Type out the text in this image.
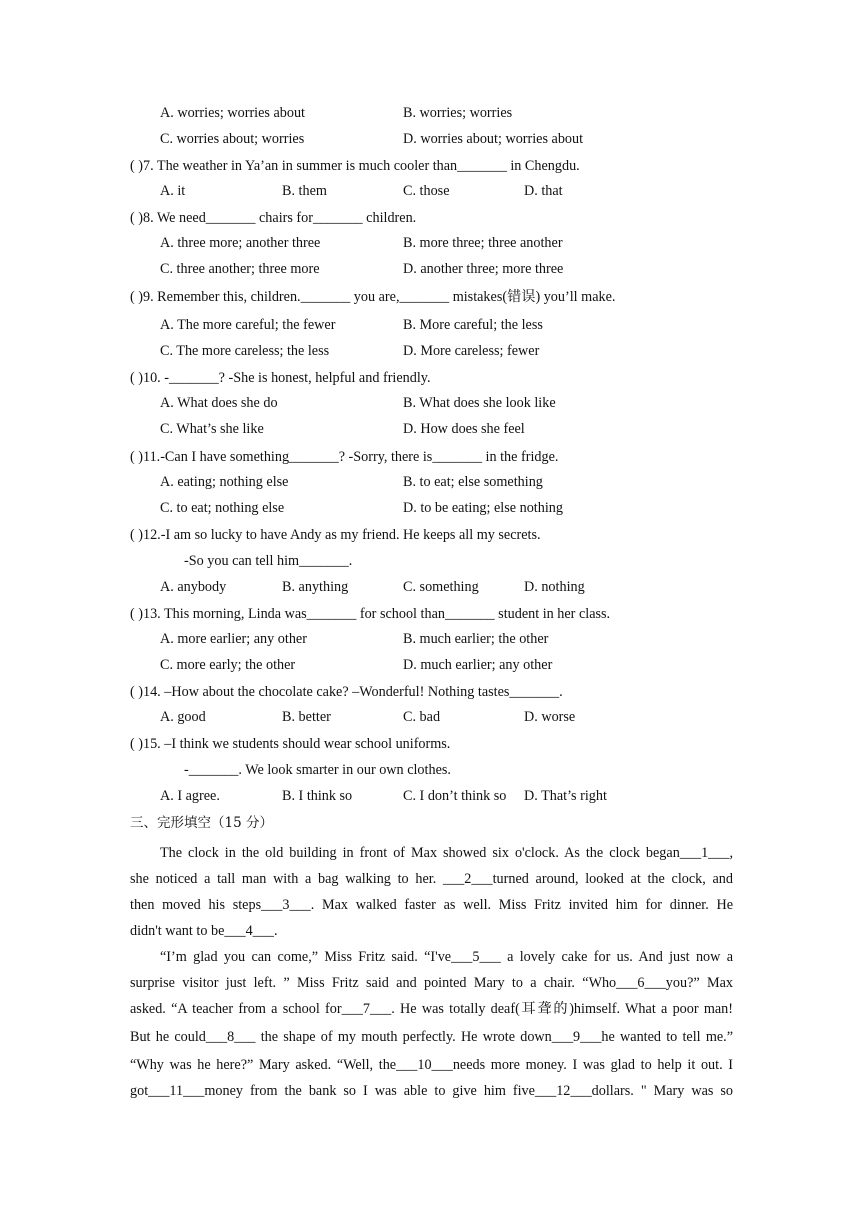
A. worries; worries about	B. worries; worries
C. worries about; worries	D. worries about; worries about
( )7. The weather in Ya’an in summer is much cooler than_______ in Chengdu.
A. it	B. them	C. those	D. that
( )8. We need_______ chairs for_______ children.
A. three more; another three	B. more three; three another
C. three another; three more	D. another three; more three
( )9. Remember this, children._______ you are,_______ mistakes(错误) you’ll make.
A. The more careful; the fewer	B. More careful; the less
C. The more careless; the less	D. More careless; fewer
( )10. -_______? -She is honest, helpful and friendly.
A. What does she do	B. What does she look like
C. What’s she like	D. How does she feel
( )11.-Can I have something_______? -Sorry, there is_______ in the fridge.
A. eating; nothing else	B. to eat; else something
C. to eat; nothing else	D. to be eating; else nothing
( )12.-I am so lucky to have Andy as my friend. He keeps all my secrets.
-So you can tell him_______.
A. anybody	B. anything	C. something	D. nothing
( )13. This morning, Linda was_______ for school than_______ student in her class.
A. more earlier; any other	B. much earlier; the other
C. more early; the other	D. much earlier; any other
( )14. –How about the chocolate cake? –Wonderful! Nothing tastes_______.
A. good	B. better	C. bad	D. worse
( )15. –I think we students should wear school uniforms.
-_______. We look smarter in our own clothes.
A. I agree.	B. I think so	C. I don’t think so D. That’s right
三、完形填空（15 分）
The clock in the old building in front of Max showed six o'clock. As the clock began___1___,
she noticed a tall man with a bag walking to her. ___2___turned around, looked at the clock, and
then moved his steps___3___. Max walked faster as well. Miss Fritz invited him for dinner. He
didn't want to be___4___.
“I’m glad you can come,” Miss Fritz said. “I've___5___ a lovely cake for us. And just now a
surprise visitor just left. ” Miss Fritz said and pointed Mary to a chair. “Who___6___you?” Max
asked. “A teacher from a school for___7___. He was totally deaf(耳聋的)himself. What a poor man!
But he could___8___ the shape of my mouth perfectly. He wrote down___9___he wanted to tell me.”
“Why was he here?” Mary asked. “Well, the___10___needs more money. I was glad to help it out. I
got___11___money from the bank so I was able to give him five___12___dollars. " Mary was so
